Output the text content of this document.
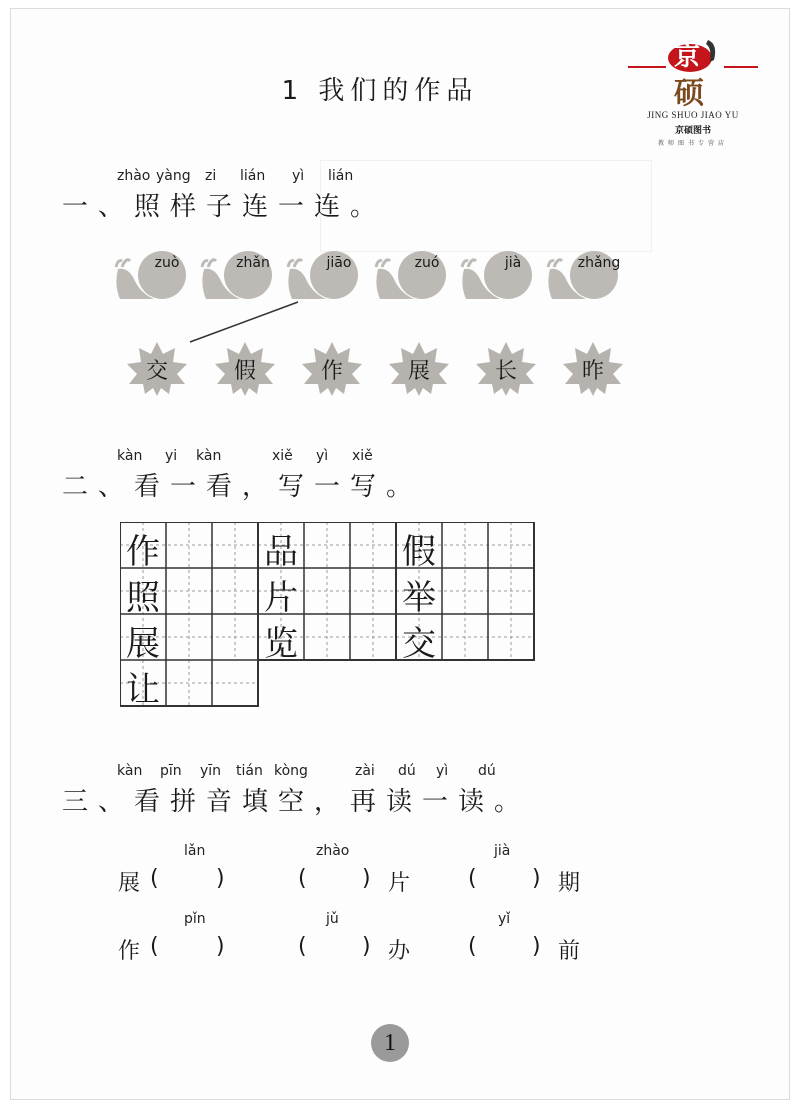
京
硕
JING SHUO JIAO YU
京硕图书
教师图书专营店
1 我们的作品
zhào yàng zi lián yì lián
一、照样子连一连。
zuò	zhǎn	jiāo	zuó	jià	zhǎng
交	假	作	展	长	昨
kàn yi kàn	xiě yì xiě
二、看一看，写一写。
作	品	假
照	片	举
展	览	交
让
kàn pīn yīn tián kòng	zài dú yì dú
三、看拼音填空，再读一读。
lǎn	zhào	jià
展 (	)	(	) 片	(	) 期
pǐn	jǔ	yǐ
作 (	)	(	) 办	(	) 前
1
